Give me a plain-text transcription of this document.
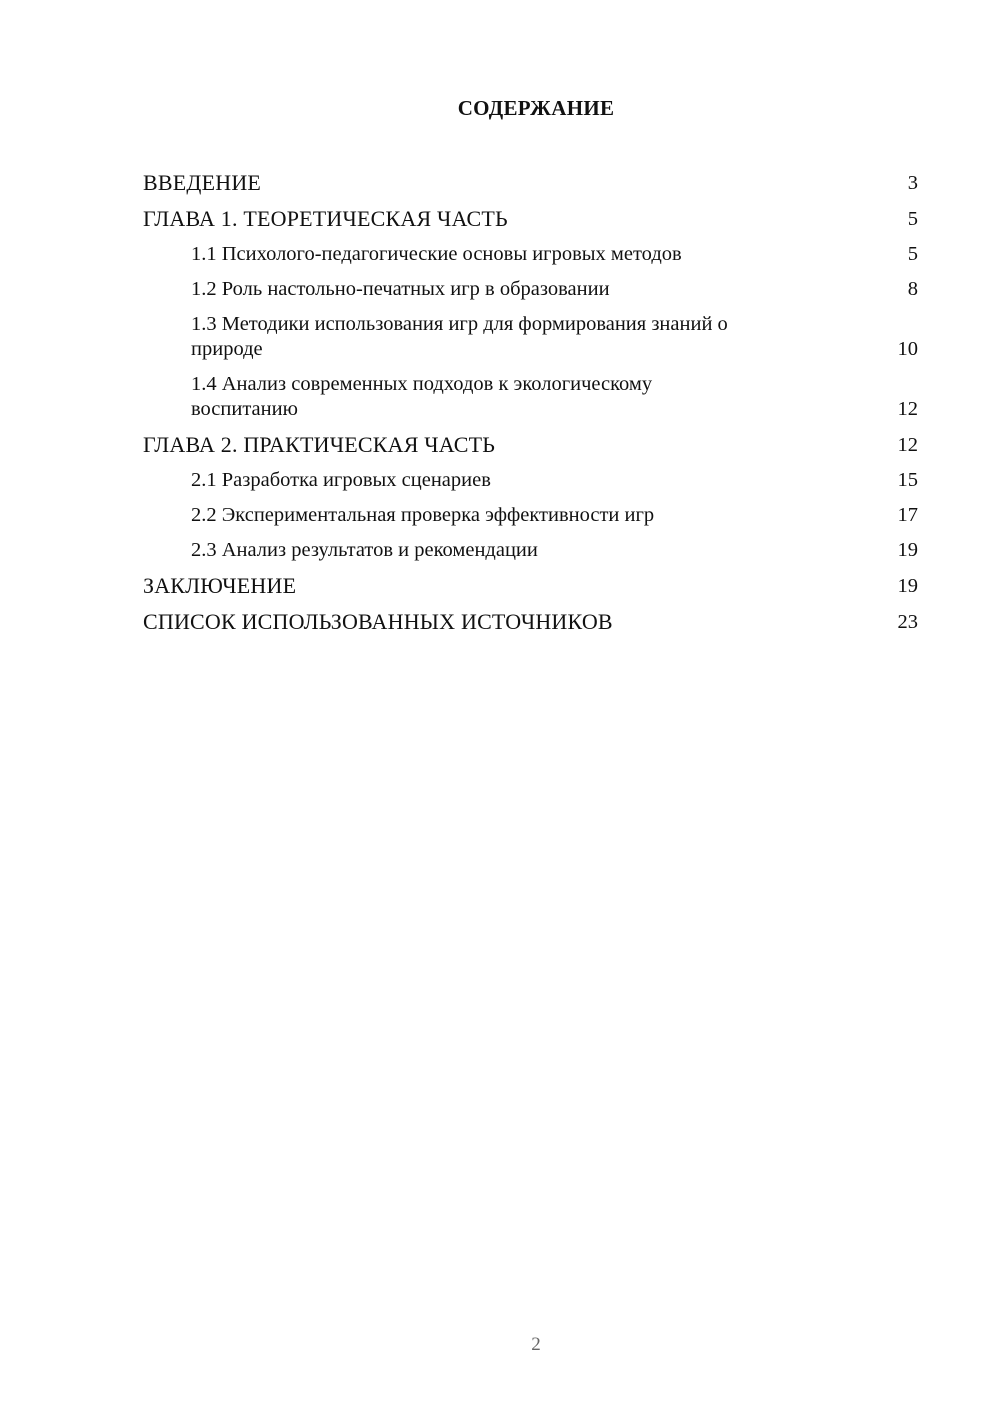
СОДЕРЖАНИЕ
ВВЕДЕНИЕ	3
ГЛАВА 1. ТЕОРЕТИЧЕСКАЯ ЧАСТЬ	5
1.1 Психолого-педагогические основы игровых методов	5
1.2 Роль настольно-печатных игр в образовании	8
1.3 Методики использования игр для формирования знаний о природе	10
1.4 Анализ современных подходов к экологическому воспитанию	12
ГЛАВА 2. ПРАКТИЧЕСКАЯ ЧАСТЬ	12
2.1 Разработка игровых сценариев	15
2.2 Экспериментальная проверка эффективности игр	17
2.3 Анализ результатов и рекомендации	19
ЗАКЛЮЧЕНИЕ	19
СПИСОК ИСПОЛЬЗОВАННЫХ ИСТОЧНИКОВ	23
2
